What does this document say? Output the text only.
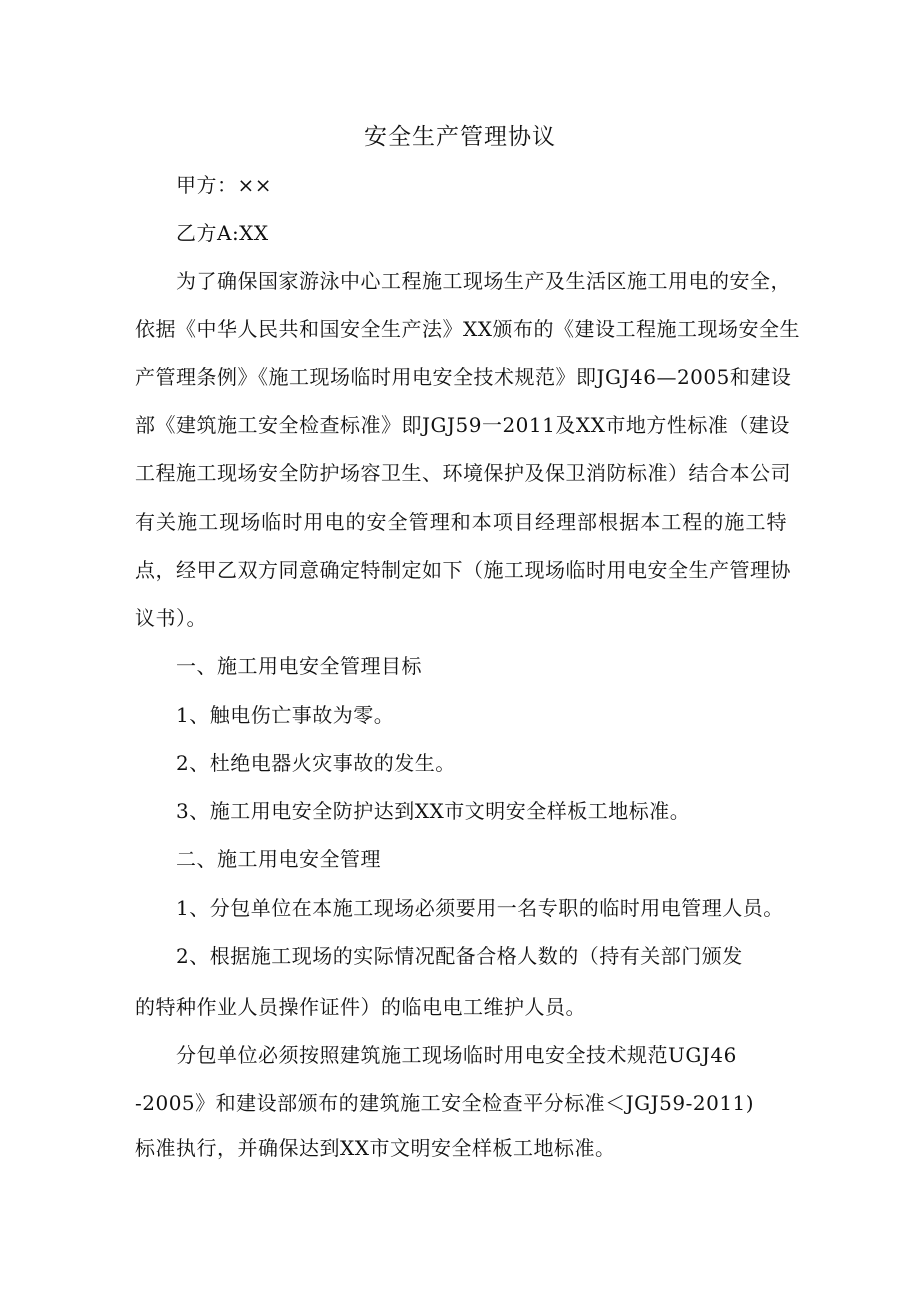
安全生产管理协议
甲方：××
乙方A:XX
为了确保国家游泳中心工程施工现场生产及生活区施工用电的安全，
依据《中华人民共和国安全生产法》XX颁布的《建设工程施工现场安全生
产管理条例》《施工现场临时用电安全技术规范》即JGJ46—2005和建设
部《建筑施工安全检查标准》即JGJ59一2011及XX市地方性标准（建设
工程施工现场安全防护场容卫生、环境保护及保卫消防标准）结合本公司
有关施工现场临时用电的安全管理和本项目经理部根据本工程的施工特
点，经甲乙双方同意确定特制定如下（施工现场临时用电安全生产管理协
议书）。
一、施工用电安全管理目标
1、触电伤亡事故为零。
2、杜绝电器火灾事故的发生。
3、施工用电安全防护达到XX市文明安全样板工地标准。
二、施工用电安全管理
1、分包单位在本施工现场必须要用一名专职的临时用电管理人员。
2、根据施工现场的实际情况配备合格人数的（持有关部门颁发
的特种作业人员操作证件）的临电电工维护人员。
分包单位必须按照建筑施工现场临时用电安全技术规范UGJ46
-2005》和建设部颁布的建筑施工安全检查平分标准＜JGJ59-2011)
标准执行，并确保达到XX市文明安全样板工地标准。
